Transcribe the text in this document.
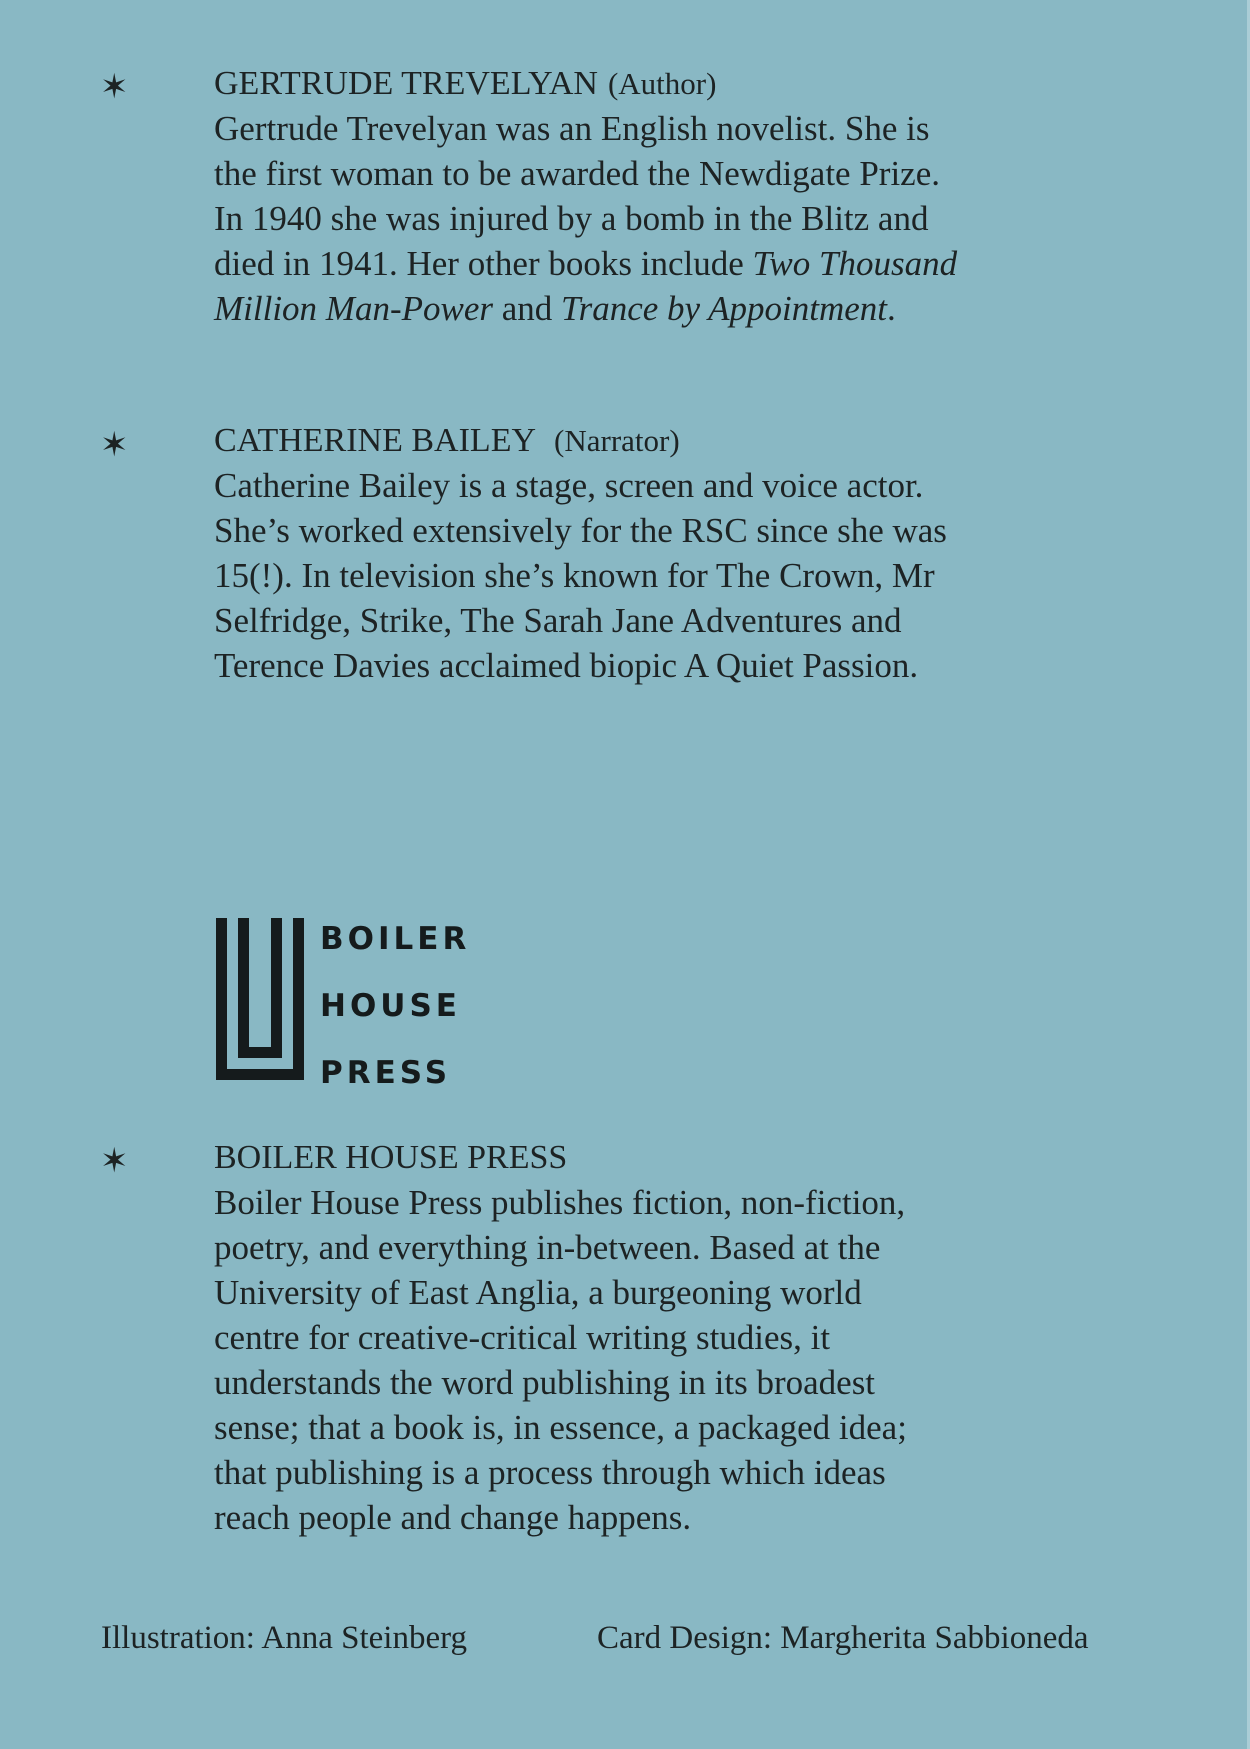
✶	GERTRUDE TREVELYAN (Author)
Gertrude Trevelyan was an English novelist. She is
the first woman to be awarded the Newdigate Prize.
In 1940 she was injured by a bomb in the Blitz and
died in 1941. Her other books include Two Thousand
Million Man-Power and Trance by Appointment.
✶	CATHERINE BAILEY (Narrator)
Catherine Bailey is a stage, screen and voice actor.
She’s worked extensively for the RSC since she was
15(!). In television she’s known for The Crown, Mr
Selfridge, Strike, The Sarah Jane Adventures and
Terence Davies acclaimed biopic A Quiet Passion.
BOILER
HOUSE
PRESS
✶	BOILER HOUSE PRESS
Boiler House Press publishes fiction, non-fiction,
poetry, and everything in-between. Based at the
University of East Anglia, a burgeoning world
centre for creative-critical writing studies, it
understands the word publishing in its broadest
sense; that a book is, in essence, a packaged idea;
that publishing is a process through which ideas
reach people and change happens.
Illustration: Anna Steinberg	Card Design: Margherita Sabbioneda
